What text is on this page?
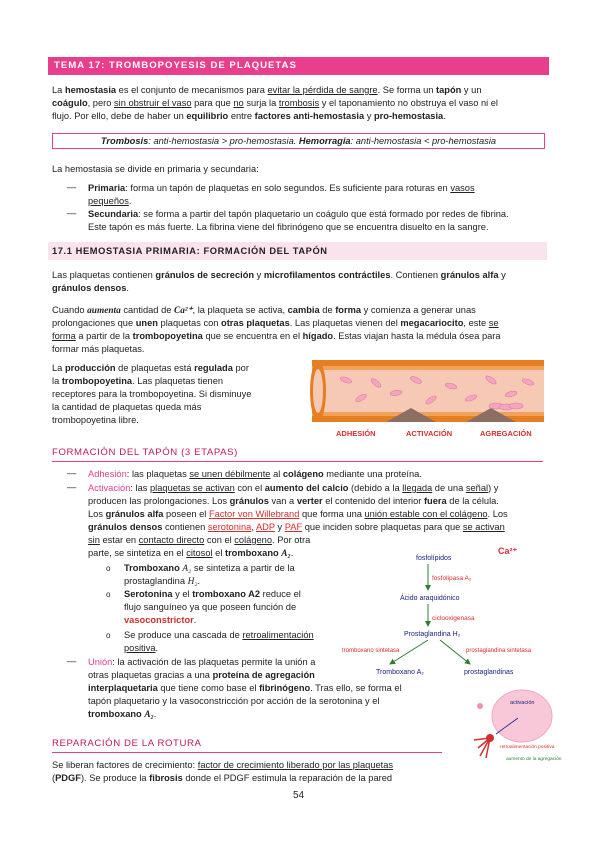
TEMA 17: TROMBOPOYESIS DE PLAQUETAS
La hemostasia es el conjunto de mecanismos para evitar la pérdida de sangre. Se forma un tapón y un
coágulo, pero sin obstruir el vaso para que no surja la trombosis y el taponamiento no obstruya el vaso ni el
flujo. Por ello, debe de haber un equilibrio entre factores anti-hemostasia y pro-hemostasia.
Trombosis: anti-hemostasia > pro-hemostasia. Hemorragia: anti-hemostasia < pro-hemostasia
La hemostasia se divide en primaria y secundaria:
— Primaria: forma un tapón de plaquetas en solo segundos. Es suficiente para roturas en vasos
pequeños.
— Secundaria: se forma a partir del tapón plaquetario un coágulo que está formado por redes de fibrina.
Este tapón es más fuerte. La fibrina viene del fibrinógeno que se encuentra disuelto en la sangre.
17.1 HEMOSTASIA PRIMARIA: FORMACIÓN DEL TAPÓN
Las plaquetas contienen gránulos de secreción y microfilamentos contráctiles. Contienen gránulos alfa y
gránulos densos.
Cuando aumenta cantidad de Ca²⁺, la plaqueta se activa, cambia de forma y comienza a generar unas
prolongaciones que unen plaquetas con otras plaquetas. Las plaquetas vienen del megacariocito, este se
forma a partir de la trombopoyetina que se encuentra en el hígado. Estas viajan hasta la médula ósea para
formar más plaquetas.
La producción de plaquetas está regulada por
la trombopoyetina. Las plaquetas tienen
receptores para la trombopoyetina. Si disminuye
la cantidad de plaquetas queda más
trombopoyetina libre.
ADHESIÓN	ACTIVACIÓN	AGREGACIÓN
FORMACIÓN DEL TAPÓN (3 ETAPAS)
— Adhesión: las plaquetas se unen débilmente al colágeno mediante una proteína.
— Activación: las plaquetas se activan con el aumento del calcio (debido a la llegada de una señal) y
producen las prolongaciones. Los gránulos van a verter el contenido del interior fuera de la célula.
Los gránulos alfa poseen el Factor von Willebrand que forma una unión estable con el colágeno. Los
gránulos densos contienen serotonina, ADP y PAF que inciden sobre plaquetas para que se activan
sin estar en contacto directo con el colágeno. Por otra
parte, se sintetiza en el citosol el tromboxano A₂.
o Tromboxano A₂ se sintetiza a partir de la
prostaglandina H₂.
o Serotonina y el tromboxano A2 reduce el
flujo sanguíneo ya que poseen función de
vasoconstrictor.
o Se produce una cascada de retroalimentación
positiva.
Ca²⁺
fosfolípidos
fosfolipasa A₂
Ácido araquidónico
ciclooxigenasa
Prostaglandina H₂
tromboxano sintetasa	prostaglandina sintetasa
Tromboxano A₂	prostaglandinas
— Unión: la activación de las plaquetas permite la unión a
otras plaquetas gracias a una proteína de agregación
interplaquetaria que tiene como base el fibrinógeno. Tras ello, se forma el
tapón plaquetario y la vasoconstricción por acción de la serotonina y el
tromboxano A₂.
activación
retroalimentación positiva
aumento de la agregación
REPARACIÓN DE LA ROTURA
Se liberan factores de crecimiento: factor de crecimiento liberado por las plaquetas
(PDGF). Se produce la fibrosis donde el PDGF estimula la reparación de la pared
54
